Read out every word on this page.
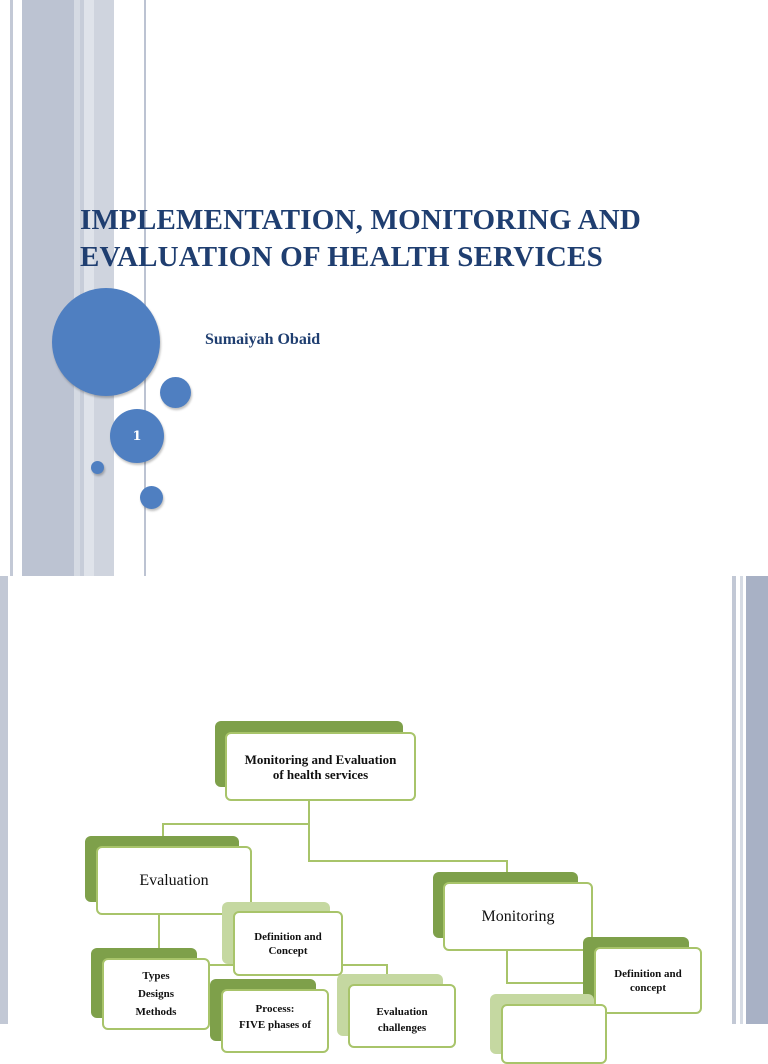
1
IMPLEMENTATION, MONITORING AND
EVALUATION OF HEALTH SERVICES

Sumaiyah Obaid

Monitoring and Evaluation
of health services
Evaluation
Monitoring
Definition and
Concept
Types
Designs
Methods	Process:
FIVE phases of
Evaluation
challenges
Definition and
concept
